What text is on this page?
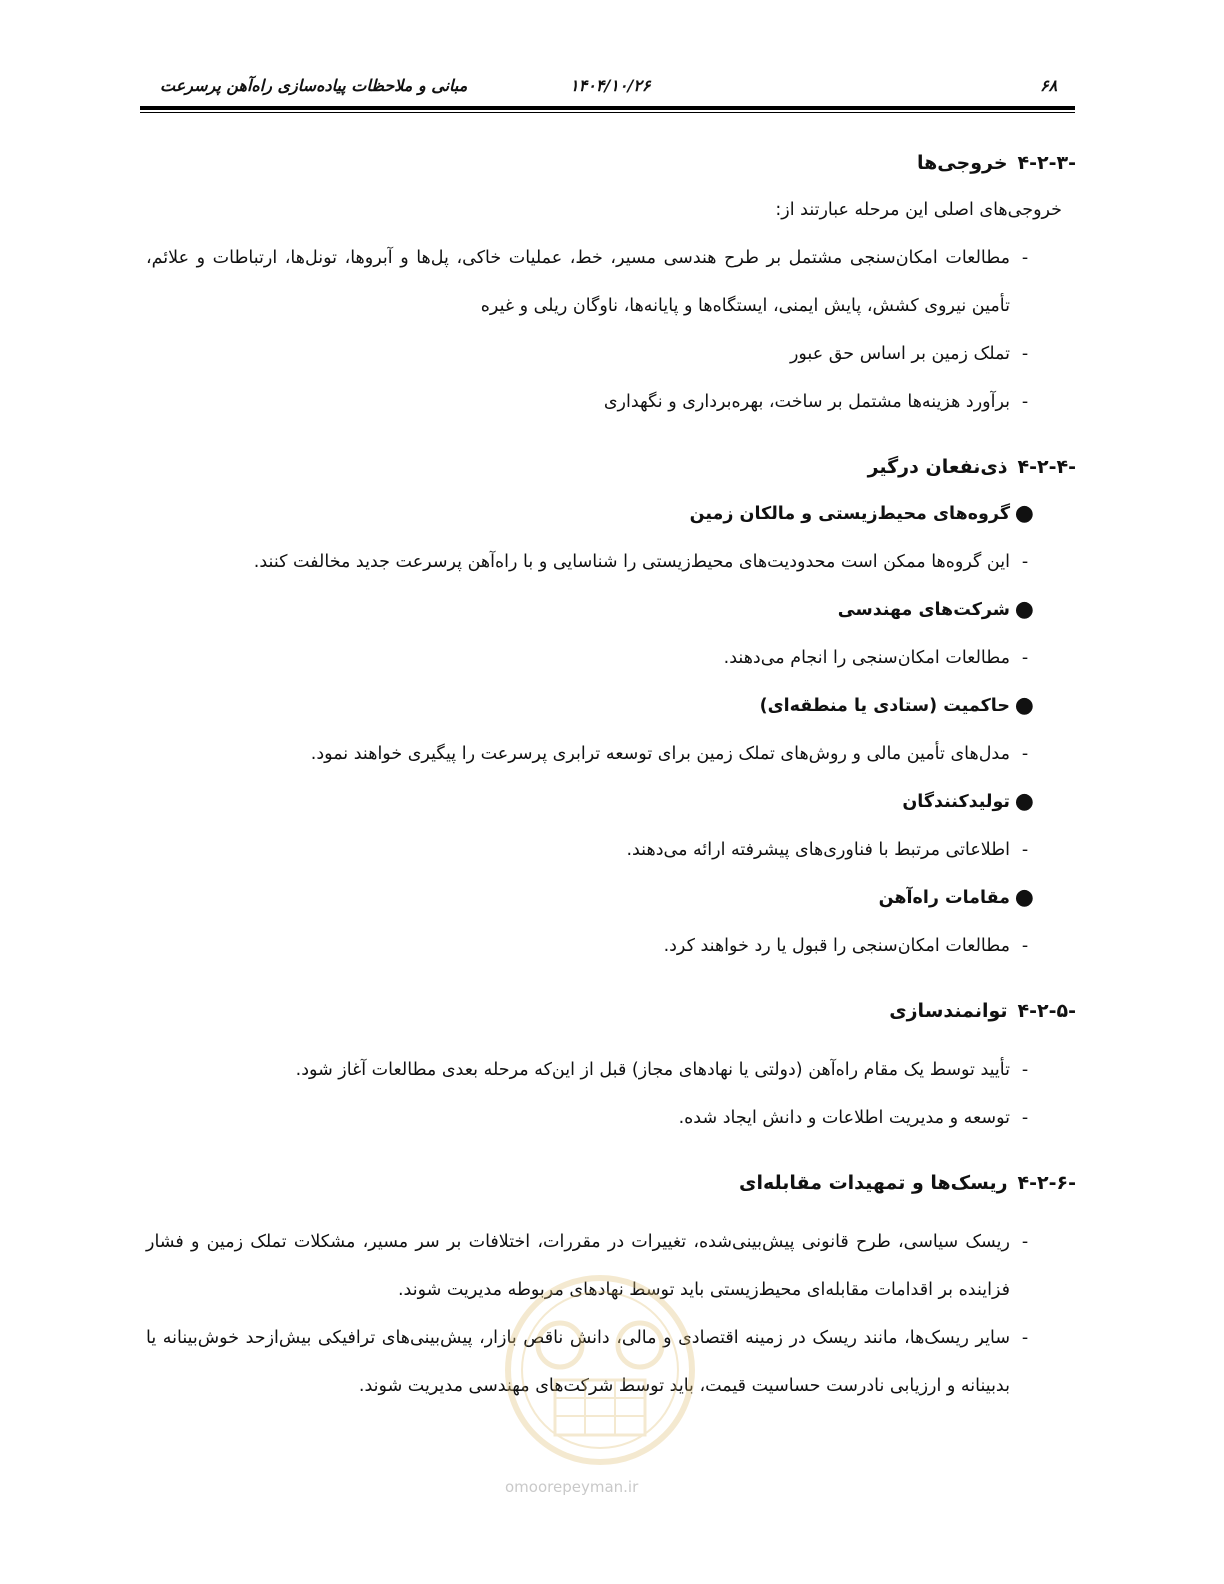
۶۸
۱۴۰۴/۱۰/۲۶
مبانی و ملاحظات پیاده‌سازی راه‌آهن پرسرعت
۴-۲-۳-
خروجی‌ها

خروجی‌های اصلی این مرحله عبارتند از:

-
مطالعات امکان‌سنجی مشتمل بر طرح هندسی مسیر، خط، عملیات خاکی، پل‌ها و آبروها، تونل‌ها، ارتباطات و علائم، تأمین نیروی کشش، پایش ایمنی، ایستگاه‌ها و پایانه‌ها، ناوگان ریلی و غیره
-
تملک زمین بر اساس حق عبور
-
برآورد هزینه‌ها مشتمل بر ساخت، بهره‌برداری و نگهداری
۴-۲-۴-
ذی‌نفعان درگیر
●
گروه‌های محیط‌زیستی و مالکان زمین
-
این گروه‌ها ممکن است محدودیت‌های محیط‌زیستی را شناسایی و با راه‌آهن پرسرعت جدید مخالفت کنند.
●
شرکت‌های مهندسی
-
مطالعات امکان‌سنجی را انجام می‌دهند.
●
حاکمیت (ستادی یا منطقه‌ای)
-
مدل‌های تأمین مالی و روش‌های تملک زمین برای توسعه ترابری پرسرعت را پیگیری خواهند نمود.
●
تولیدکنندگان
-
اطلاعاتی مرتبط با فناوری‌های پیشرفته ارائه می‌دهند.
●
مقامات راه‌آهن
-
مطالعات امکان‌سنجی را قبول یا رد خواهند کرد.
۴-۲-۵-
توانمندسازی
-
تأیید توسط یک مقام راه‌آهن (دولتی یا نهادهای مجاز) قبل از این‌که مرحله بعدی مطالعات آغاز شود.
-
توسعه و مدیریت اطلاعات و دانش ایجاد شده.
۴-۲-۶-
ریسک‌ها و تمهیدات مقابله‌ای
-
ریسک سیاسی، طرح قانونی پیش‌بینی‌شده، تغییرات در مقررات، اختلافات بر سر مسیر، مشکلات تملک زمین و فشار فزاینده بر اقدامات مقابله‌ای محیط‌زیستی باید توسط نهادهای مربوطه مدیریت شوند.
-
سایر ریسک‌ها، مانند ریسک در زمینه اقتصادی و مالی، دانش ناقص بازار، پیش‌بینی‌های ترافیکی بیش‌ازحد خوش‌بینانه یا بدبینانه و ارزیابی نادرست حساسیت قیمت، باید توسط شرکت‌های مهندسی مدیریت شوند.
omoorepeyman.ir
